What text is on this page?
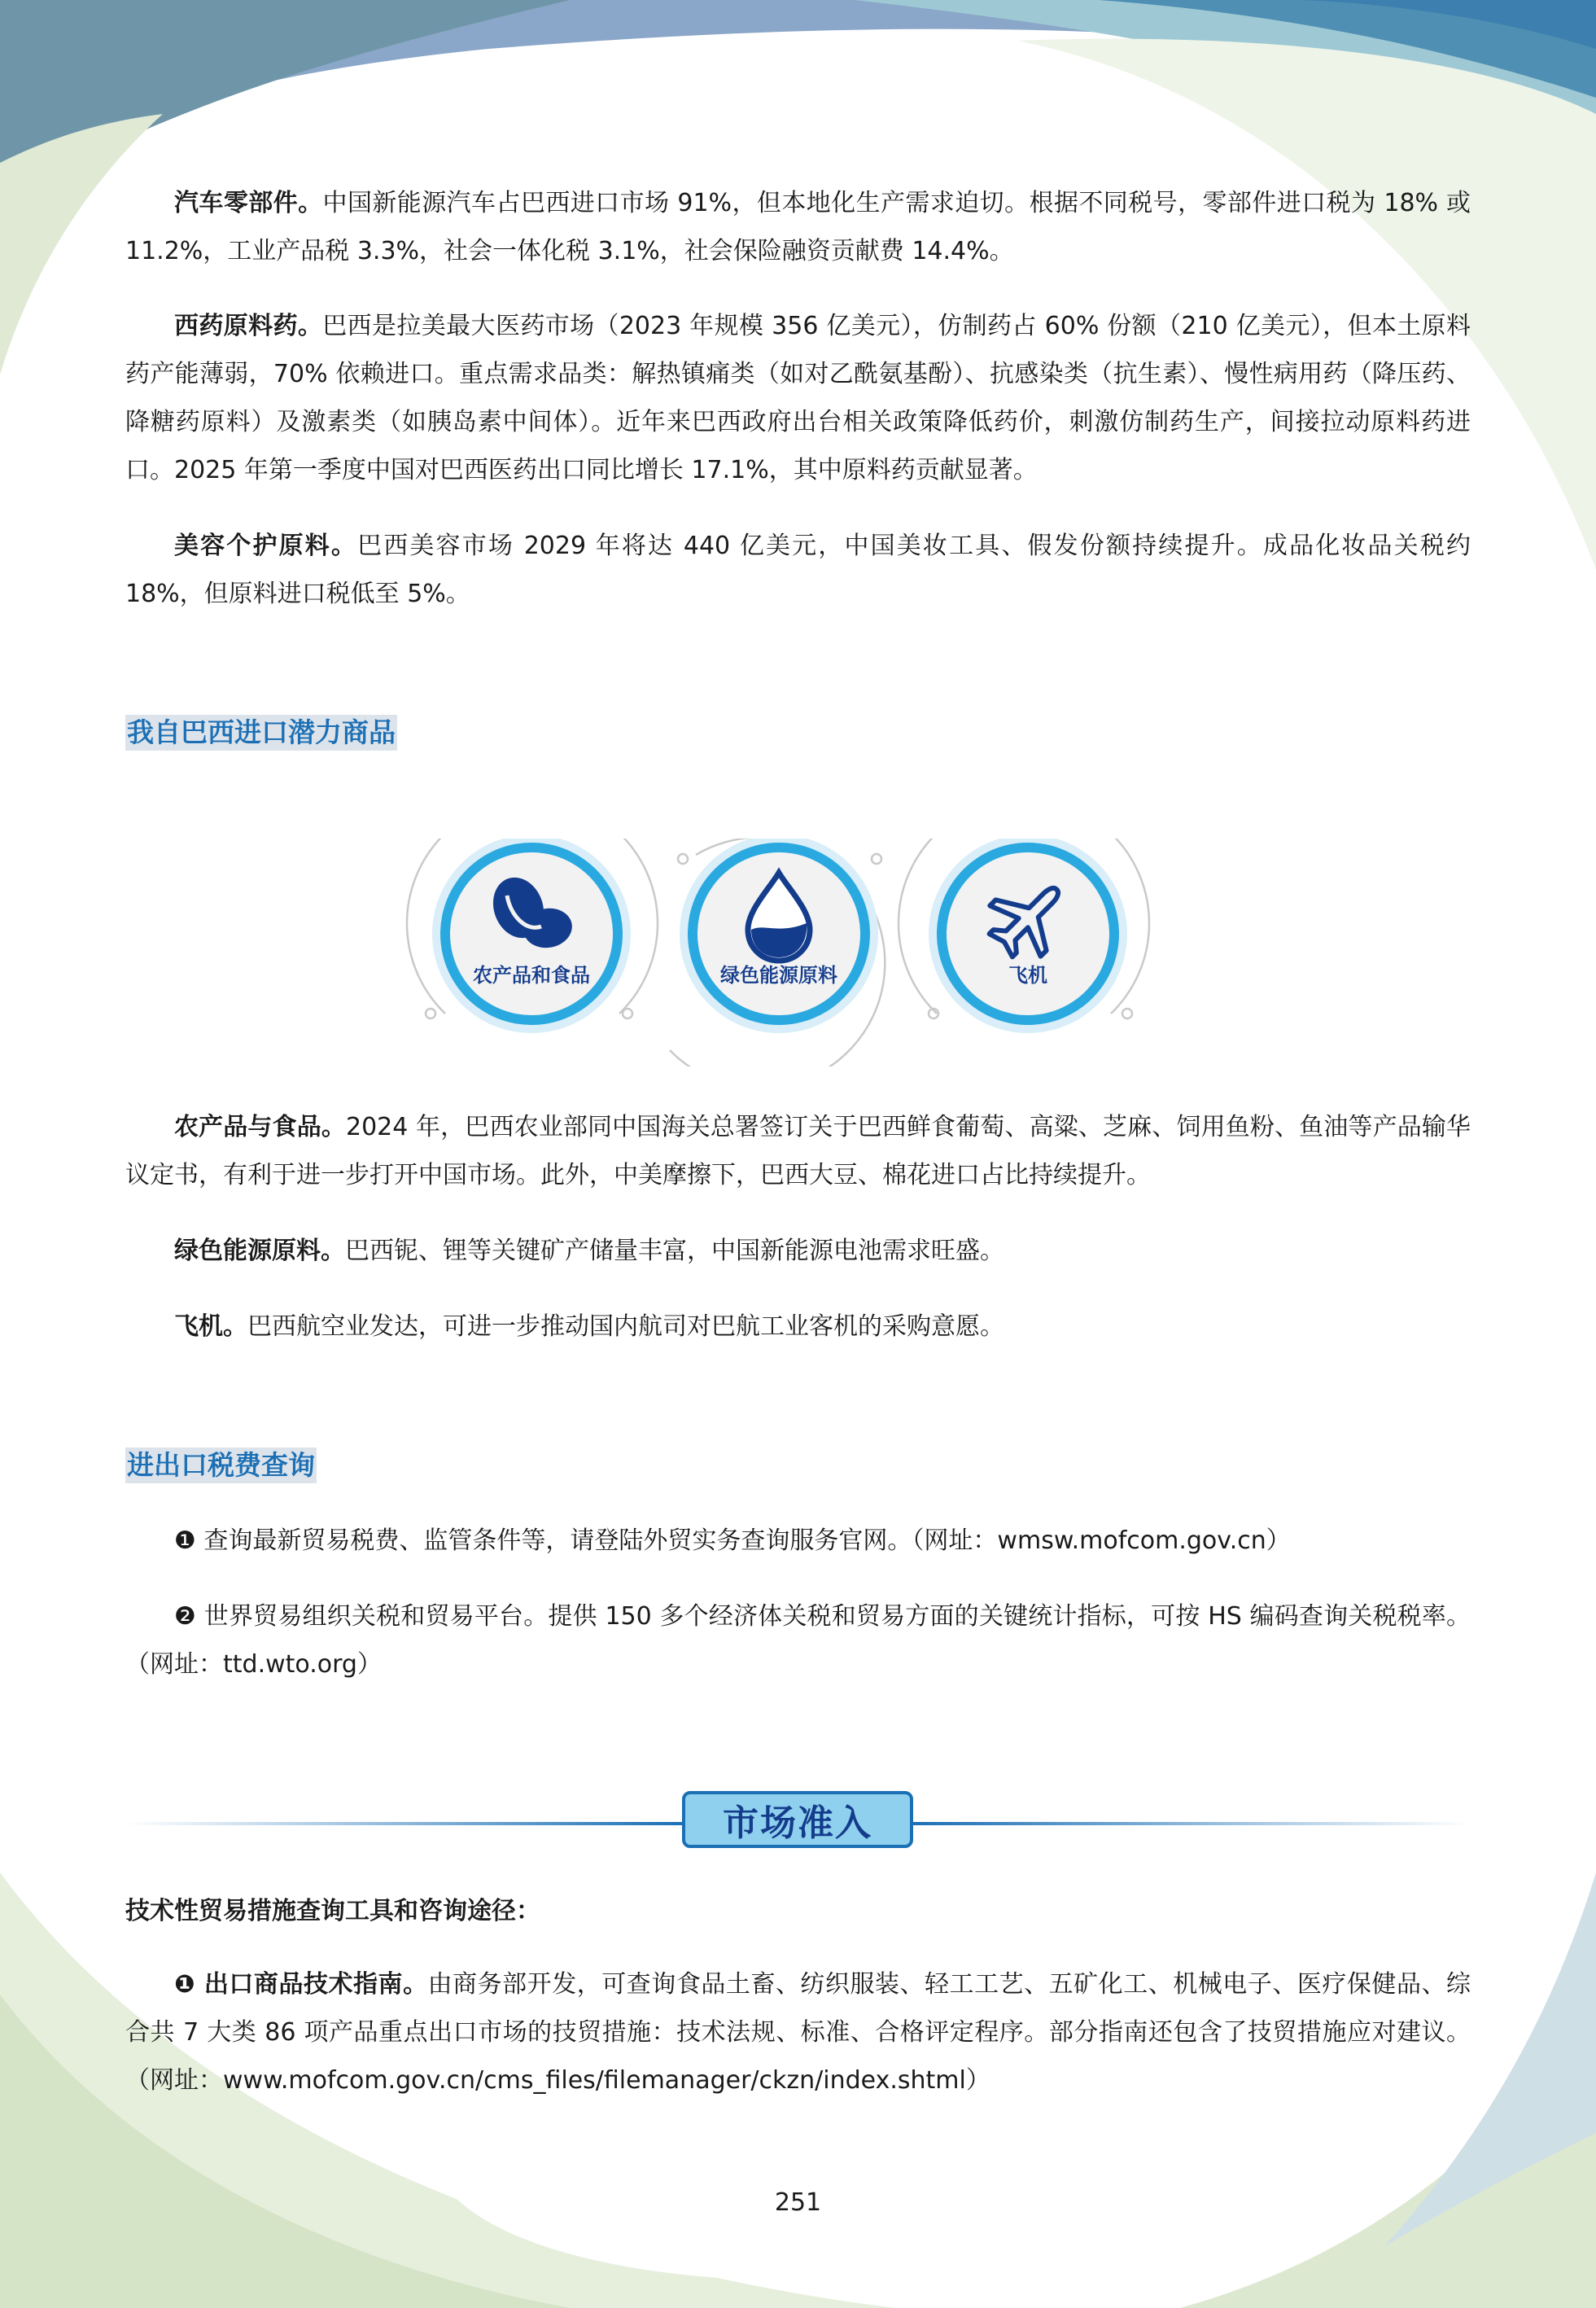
汽车零部件。中国新能源汽车占巴西进口市场 91%，但本地化生产需求迫切。根据不同税号，零部件进口税为 18% 或 11.2%，工业产品税 3.3%，社会一体化税 3.1%，社会保险融资贡献费 14.4%。

西药原料药。巴西是拉美最大医药市场（2023 年规模 356 亿美元），仿制药占 60% 份额（210 亿美元），但本土原料药产能薄弱，70% 依赖进口。重点需求品类：解热镇痛类（如对乙酰氨基酚）、抗感染类（抗生素）、慢性病用药（降压药、降糖药原料）及激素类（如胰岛素中间体）。近年来巴西政府出台相关政策降低药价，刺激仿制药生产，间接拉动原料药进口。2025 年第一季度中国对巴西医药出口同比增长 17.1%，其中原料药贡献显著。

美容个护原料。巴西美容市场 2029 年将达 440 亿美元，中国美妆工具、假发份额持续提升。成品化妆品关税约 18%，但原料进口税低至 5%。

我自巴西进口潜力商品

农产品与食品。2024 年，巴西农业部同中国海关总署签订关于巴西鲜食葡萄、高粱、芝麻、饲用鱼粉、鱼油等产品输华议定书，有利于进一步打开中国市场。此外，中美摩擦下，巴西大豆、棉花进口占比持续提升。

绿色能源原料。巴西铌、锂等关键矿产储量丰富，中国新能源电池需求旺盛。

飞机。巴西航空业发达，可进一步推动国内航司对巴航工业客机的采购意愿。

进出口税费查询

❶ 查询最新贸易税费、监管条件等，请登陆外贸实务查询服务官网。（网址：wmsw.mofcom.gov.cn）

❷ 世界贸易组织关税和贸易平台。提供 150 多个经济体关税和贸易方面的关键统计指标，可按 HS 编码查询关税税率。（网址：ttd.wto.org）

市场准入

技术性贸易措施查询工具和咨询途径：

❶ 出口商品技术指南。由商务部开发，可查询食品土畜、纺织服装、轻工工艺、五矿化工、机械电子、医疗保健品、综合共 7 大类 86 项产品重点出口市场的技贸措施：技术法规、标准、合格评定程序。部分指南还包含了技贸措施应对建议。（网址：www.mofcom.gov.cn/cms_files/filemanager/ckzn/index.shtml）

农产品和食品	绿色能源原料	飞机
251
